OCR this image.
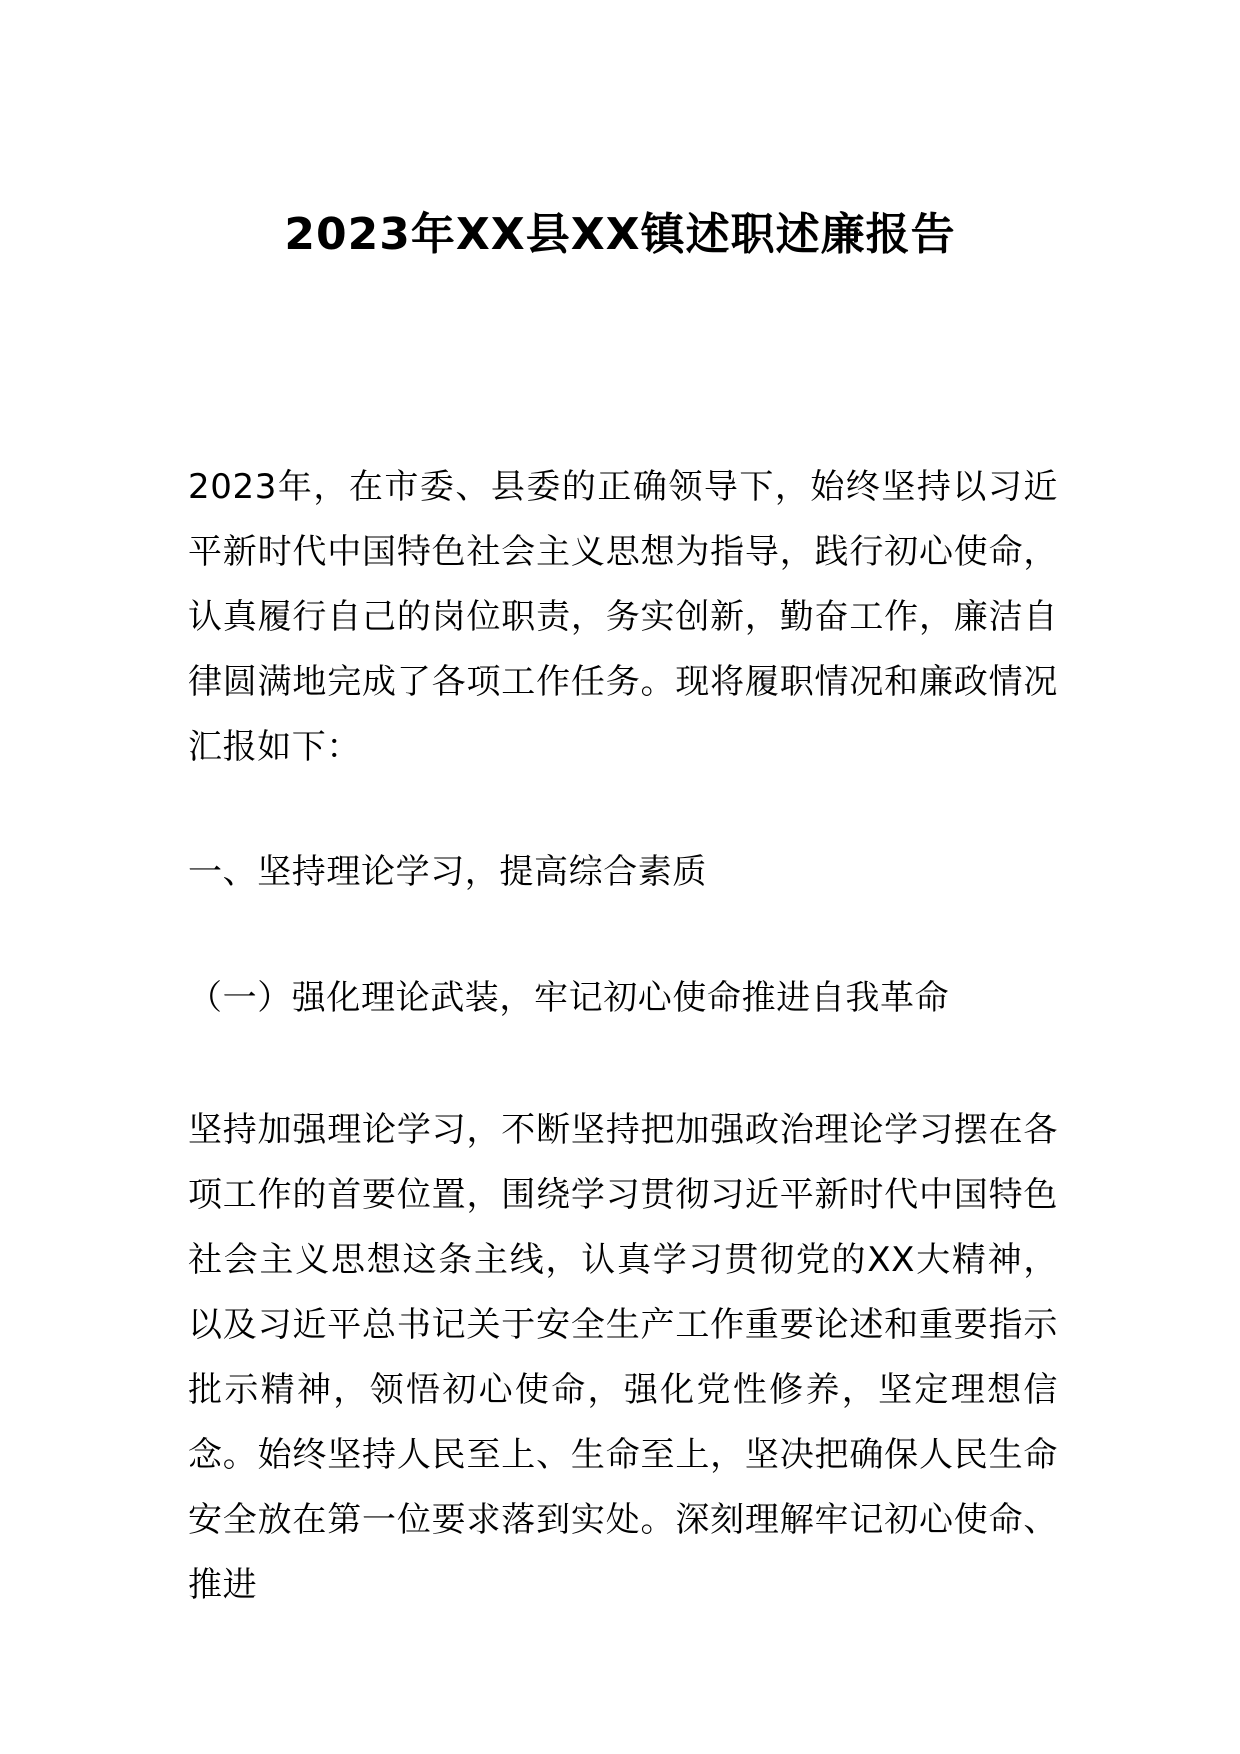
2023年XX县XX镇述职述廉报告

2023年，在市委、县委的正确领导下，始终坚持以习近平新时代中国特色社会主义思想为指导，践行初心使命，认真履行自己的岗位职责，务实创新，勤奋工作，廉洁自律圆满地完成了各项工作任务。现将履职情况和廉政情况汇报如下：

一、坚持理论学习，提高综合素质

（一）强化理论武装，牢记初心使命推进自我革命

坚持加强理论学习，不断坚持把加强政治理论学习摆在各项工作的首要位置，围绕学习贯彻习近平新时代中国特色社会主义思想这条主线，认真学习贯彻党的XX大精神，以及习近平总书记关于安全生产工作重要论述和重要指示批示精神，领悟初心使命，强化党性修养，坚定理想信念。始终坚持人民至上、生命至上，坚决把确保人民生命安全放在第一位要求落到实处。深刻理解牢记初心使命、推进
